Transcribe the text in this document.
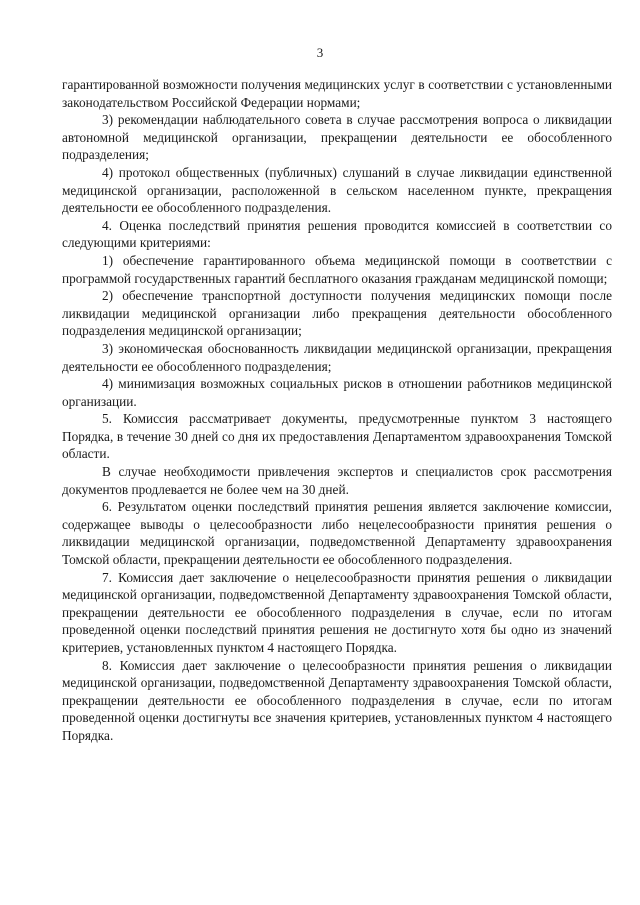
3

гарантированной возможности получения медицинских услуг в соответствии с установленными законодательством Российской Федерации нормами;

3) рекомендации наблюдательного совета в случае рассмотрения вопроса о ликвидации автономной медицинской организации, прекращении деятельности ее обособленного подразделения;

4) протокол общественных (публичных) слушаний в случае ликвидации единственной медицинской организации, расположенной в сельском населенном пункте, прекращения деятельности ее обособленного подразделения.

4. Оценка последствий принятия решения проводится комиссией в соответствии со следующими критериями:

1) обеспечение гарантированного объема медицинской помощи в соответствии с программой государственных гарантий бесплатного оказания гражданам медицинской помощи;

2) обеспечение транспортной доступности получения медицинских помощи после ликвидации медицинской организации либо прекращения деятельности обособленного подразделения медицинской организации;

3) экономическая обоснованность ликвидации медицинской организации, прекращения деятельности ее обособленного подразделения;

4) минимизация возможных социальных рисков в отношении работников медицинской организации.

5. Комиссия рассматривает документы, предусмотренные пунктом 3 настоящего Порядка, в течение 30 дней со дня их предоставления Департаментом здравоохранения Томской области.

В случае необходимости привлечения экспертов и специалистов срок рассмотрения документов продлевается не более чем на 30 дней.

6. Результатом оценки последствий принятия решения является заключение комиссии, содержащее выводы о целесообразности либо нецелесообразности принятия решения о ликвидации медицинской организации, подведомственной Департаменту здравоохранения Томской области, прекращении деятельности ее обособленного подразделения.

7. Комиссия дает заключение о нецелесообразности принятия решения о ликвидации медицинской организации, подведомственной Департаменту здравоохранения Томской области, прекращении деятельности ее обособленного подразделения в случае, если по итогам проведенной оценки последствий принятия решения не достигнуто хотя бы одно из значений критериев, установленных пунктом 4 настоящего Порядка.

8. Комиссия дает заключение о целесообразности принятия решения о ликвидации медицинской организации, подведомственной Департаменту здравоохранения Томской области, прекращении деятельности ее обособленного подразделения в случае, если по итогам проведенной оценки достигнуты все значения критериев, установленных пунктом 4 настоящего Порядка.
